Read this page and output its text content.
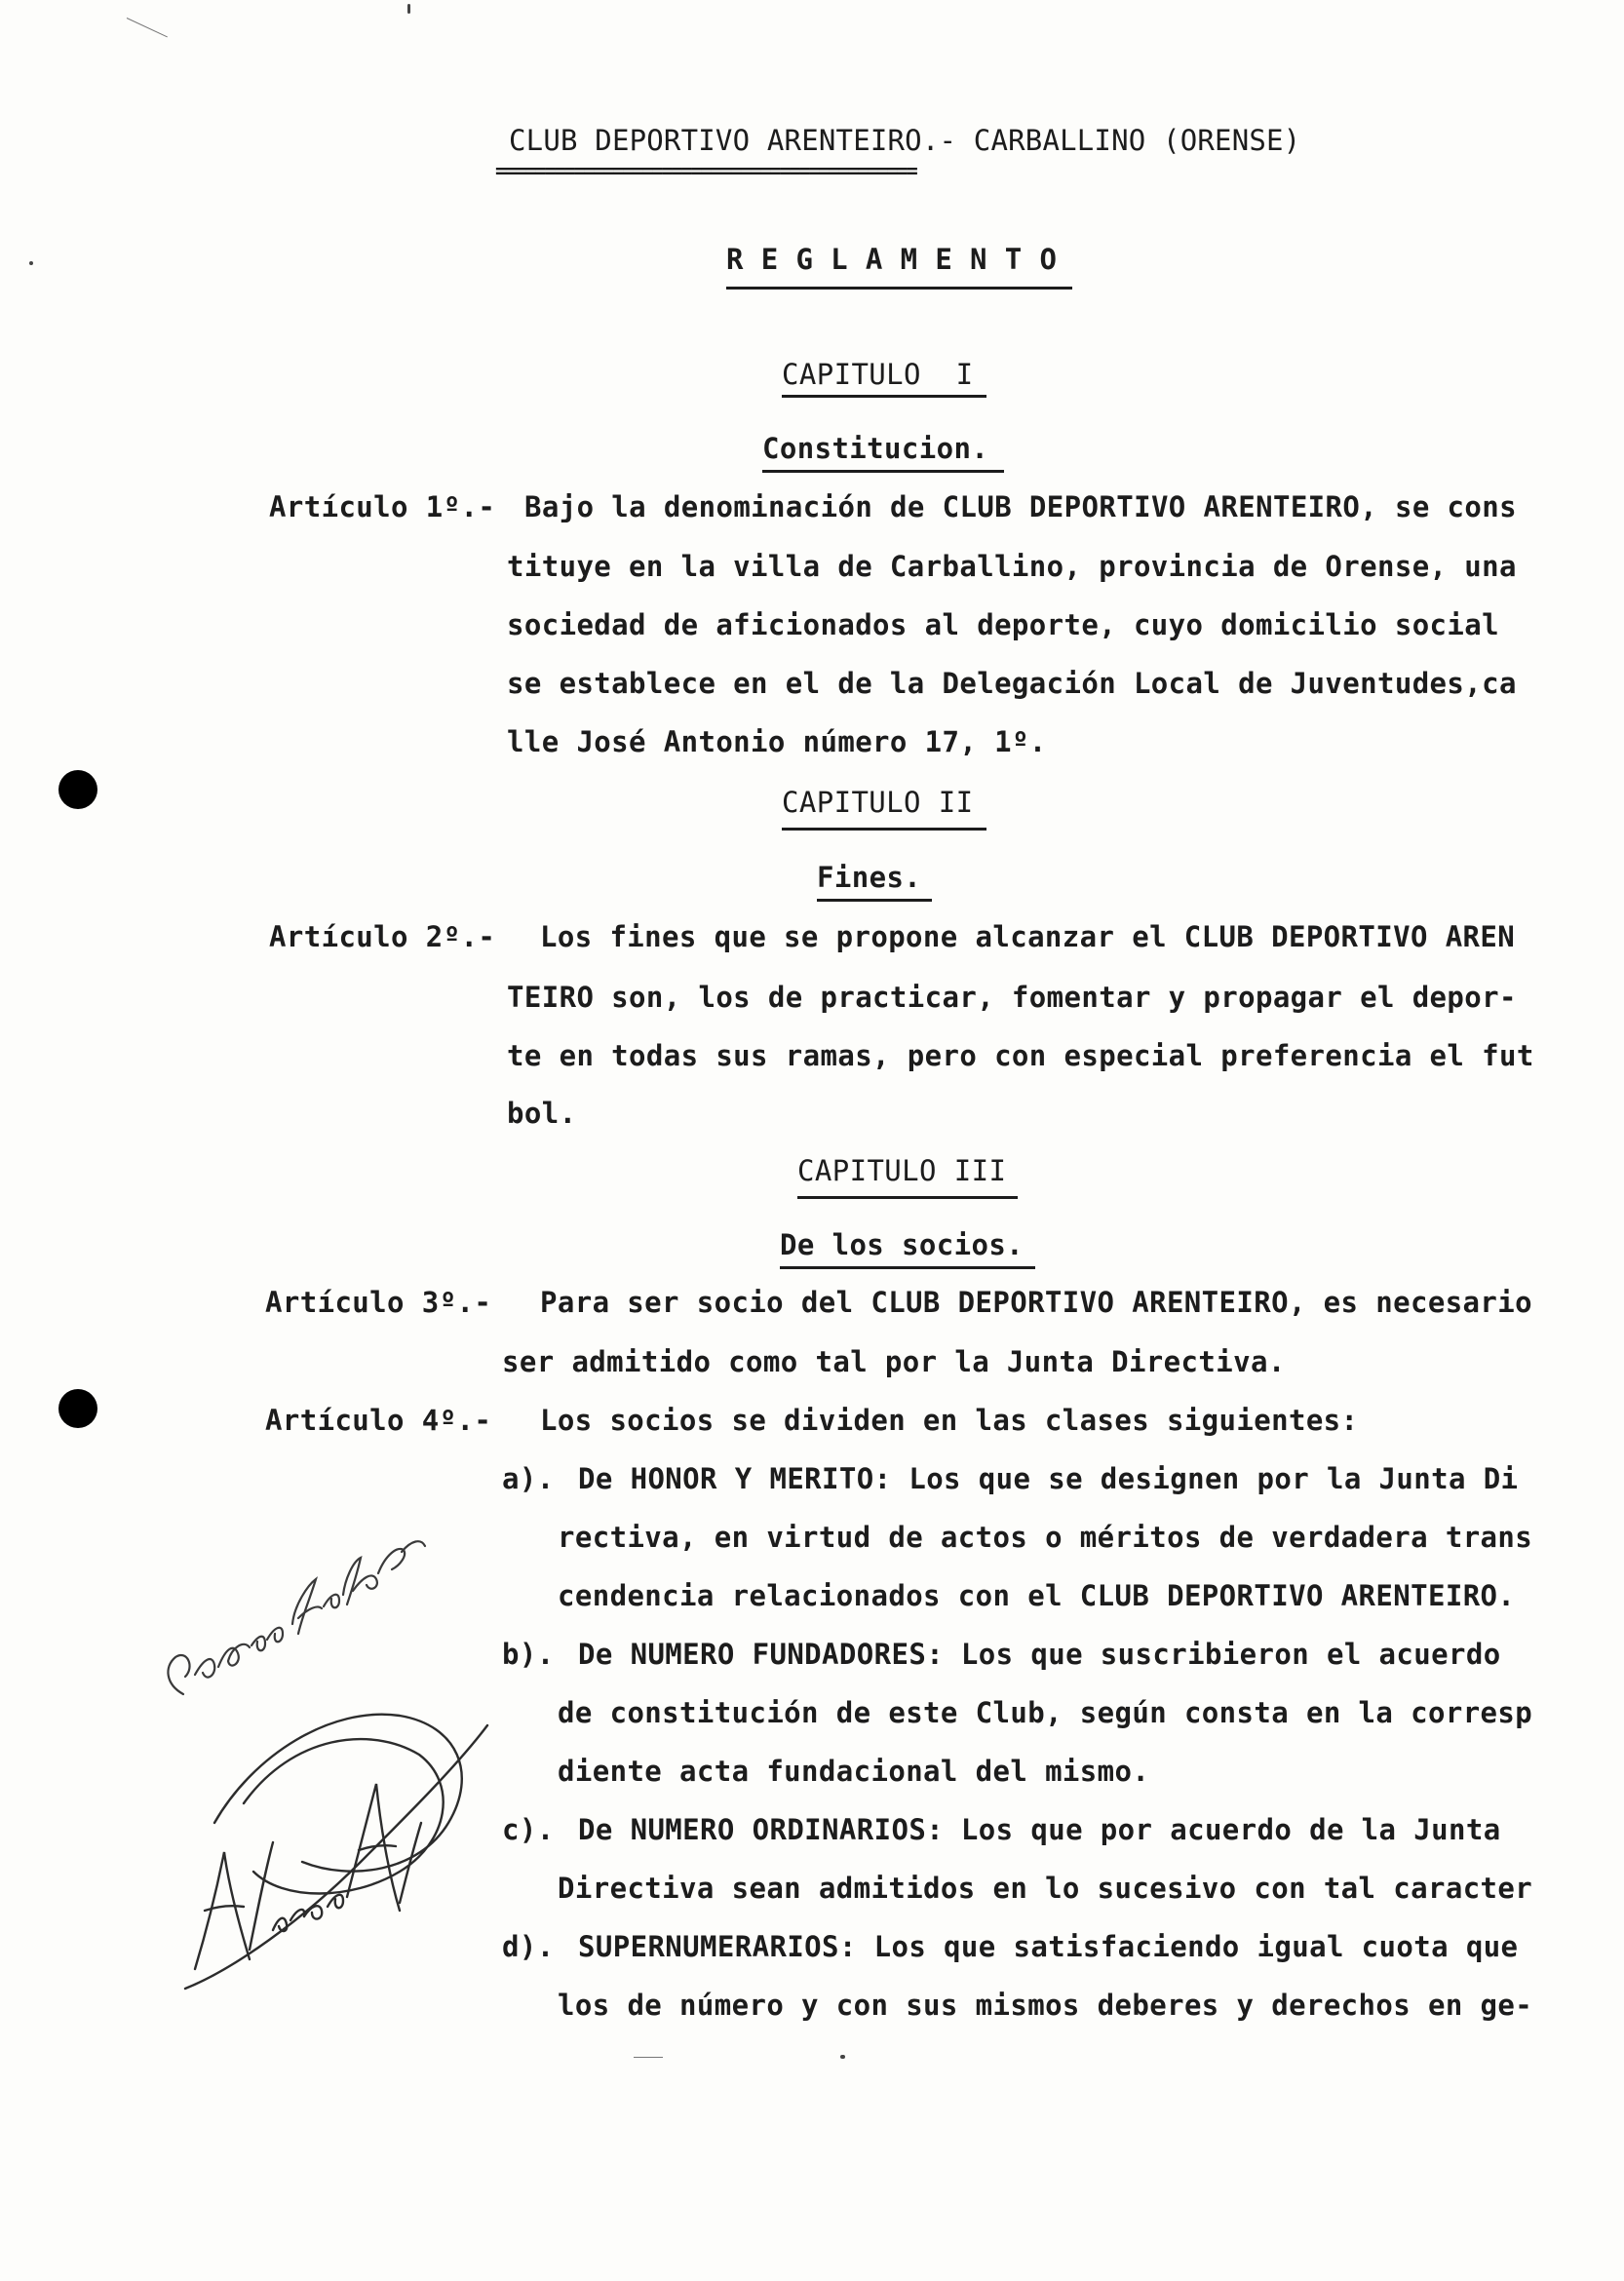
CLUB DEPORTIVO ARENTEIRO.- CARBALLINO (ORENSE)
===========================================
R E G L A M E N T O
CAPITULO  I
Constitucion.
Artículo 1º.- Bajo la denominación de CLUB DEPORTIVO ARENTEIRO, se cons
tituye en la villa de Carballino, provincia de Orense, una
sociedad de aficionados al deporte, cuyo domicilio social
se establece en el de la Delegación Local de Juventudes,ca
lle José Antonio número 17, 1º.
CAPITULO II
Fines.
Artículo 2º.- Los fines que se propone alcanzar el CLUB DEPORTIVO AREN
TEIRO son, los de practicar, fomentar y propagar el depor-
te en todas sus ramas, pero con especial preferencia el fut
bol.
CAPITULO III
De los socios.
Artículo 3º.- Para ser socio del CLUB DEPORTIVO ARENTEIRO, es necesario
ser admitido como tal por la Junta Directiva.
Artículo 4º.- Los socios se dividen en las clases siguientes:
a). De HONOR Y MERITO: Los que se designen por la Junta Di
rectiva, en virtud de actos o méritos de verdadera trans
cendencia relacionados con el CLUB DEPORTIVO ARENTEIRO.
b). De NUMERO FUNDADORES: Los que suscribieron el acuerdo
de constitución de este Club, según consta en la corresp
diente acta fundacional del mismo.
c). De NUMERO ORDINARIOS: Los que por acuerdo de la Junta
Directiva sean admitidos en lo sucesivo con tal caracter
d). SUPERNUMERARIOS: Los que satisfaciendo igual cuota que
los de número y con sus mismos deberes y derechos en ge-
